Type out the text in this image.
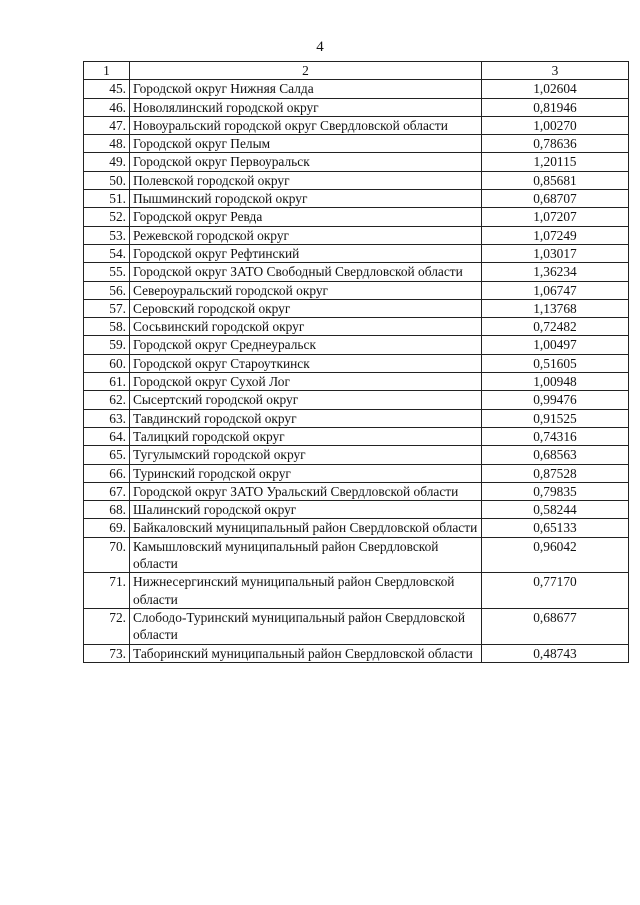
4
1	2	3
45.	Городской округ Нижняя Салда	1,02604
46.	Новолялинский городской округ	0,81946
47.	Новоуральский городской округ Свердловской области	1,00270
48.	Городской округ Пелым	0,78636
49.	Городской округ Первоуральск	1,20115
50.	Полевской городской округ	0,85681
51.	Пышминский городской округ	0,68707
52.	Городской округ Ревда	1,07207
53.	Режевской городской округ	1,07249
54.	Городской округ Рефтинский	1,03017
55.	Городской округ ЗАТО Свободный Свердловской области	1,36234
56.	Североуральский городской округ	1,06747
57.	Серовский городской округ	1,13768
58.	Сосьвинский городской округ	0,72482
59.	Городской округ Среднеуральск	1,00497
60.	Городской округ Староуткинск	0,51605
61.	Городской округ Сухой Лог	1,00948
62.	Сысертский городской округ	0,99476
63.	Тавдинский городской округ	0,91525
64.	Талицкий городской округ	0,74316
65.	Тугулымский городской округ	0,68563
66.	Туринский городской округ	0,87528
67.	Городской округ ЗАТО Уральский Свердловской области	0,79835
68.	Шалинский городской округ	0,58244
69.	Байкаловский муниципальный район Свердловской области	0,65133
70.	Камышловский муниципальный район Свердловской области	0,96042
71.	Нижнесергинский муниципальный район Свердловской области	0,77170
72.	Слободо-Туринский муниципальный район Свердловской области	0,68677
73.	Таборинский муниципальный район Свердловской области	0,48743
